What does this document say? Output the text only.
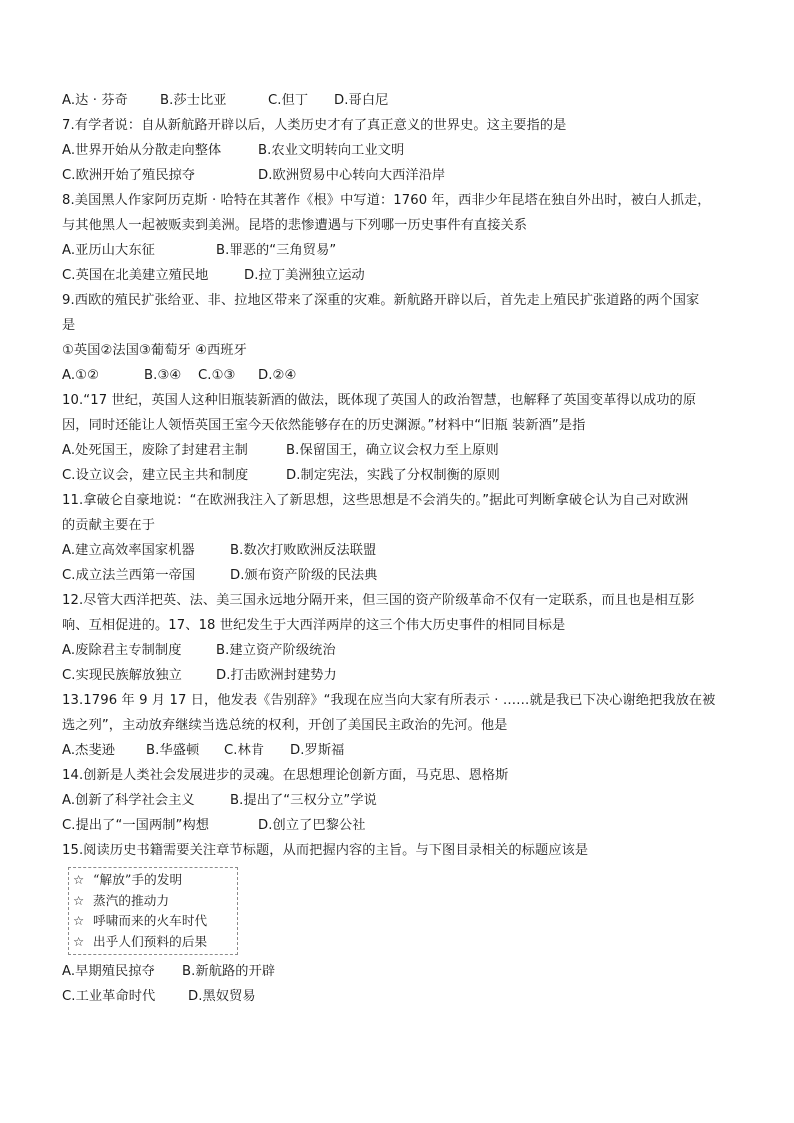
A.达 · 芬奇 B.莎士比亚	C.但丁 D.哥白尼
7.有学者说：自从新航路开辟以后，人类历史才有了真正意义的世界史。这主要指的是
A.世界开始从分散走向整体	B.农业文明转向工业文明
C.欧洲开始了殖民掠夺	D.欧洲贸易中心转向大西洋沿岸
8.美国黑人作家阿历克斯 · 哈特在其著作《根》中写道：1760 年，西非少年昆塔在独自外出时，被白人抓走，
与其他黑人一起被贩卖到美洲。昆塔的悲惨遭遇与下列哪一历史事件有直接关系
A.亚历山大东征	B.罪恶的“三角贸易”
C.英国在北美建立殖民地	D.拉丁美洲独立运动
9.西欧的殖民扩张给亚、非、拉地区带来了深重的灾难。新航路开辟以后，首先走上殖民扩张道路的两个国家
是
①英国②法国③葡萄牙 ④西班牙
A.①②	B.③④ C.①③ D.②④
10.“17 世纪，英国人这种旧瓶装新酒的做法，既体现了英国人的政治智慧，也解释了英国变革得以成功的原
因，同时还能让人领悟英国王室今天依然能够存在的历史渊源。”材料中“旧瓶 装新酒”是指
A.处死国王，废除了封建君主制	B.保留国王，确立议会权力至上原则
C.设立议会，建立民主共和制度	D.制定宪法，实践了分权制衡的原则
11.拿破仑自豪地说：“在欧洲我注入了新思想，这些思想是不会消失的。”据此可判断拿破仑认为自己对欧洲
的贡献主要在于
A.建立高效率国家机器	B.数次打败欧洲反法联盟
C.成立法兰西第一帝国	D.颁布资产阶级的民法典
12.尽管大西洋把英、法、美三国永远地分隔开来，但三国的资产阶级革命不仅有一定联系，而且也是相互影
响、互相促进的。17、18 世纪发生于大西洋两岸的这三个伟大历史事件的相同目标是
A.废除君主专制制度	B.建立资产阶级统治
C.实现民族解放独立	D.打击欧洲封建势力
13.1796 年 9 月 17 日，他发表《告别辞》“我现在应当向大家有所表示 · ……就是我已下决心谢绝把我放在被
选之列”，主动放弃继续当选总统的权利，开创了美国民主政治的先河。他是
A.杰斐逊 B.华盛顿 C.林肯 D.罗斯福
14.创新是人类社会发展进步的灵魂。在思想理论创新方面，马克思、恩格斯
A.创新了科学社会主义	B.提出了“三权分立”学说
C.提出了“一国两制”构想	D.创立了巴黎公社
15.阅读历史书籍需要关注章节标题，从而把握内容的主旨。与下图目录相关的标题应该是
☆ “解放”手的发明
☆ 蒸汽的推动力
☆ 呼啸而来的火车时代
☆ 出乎人们预料的后果
A.早期殖民掠夺 B.新航路的开辟
C.工业革命时代 D.黑奴贸易
